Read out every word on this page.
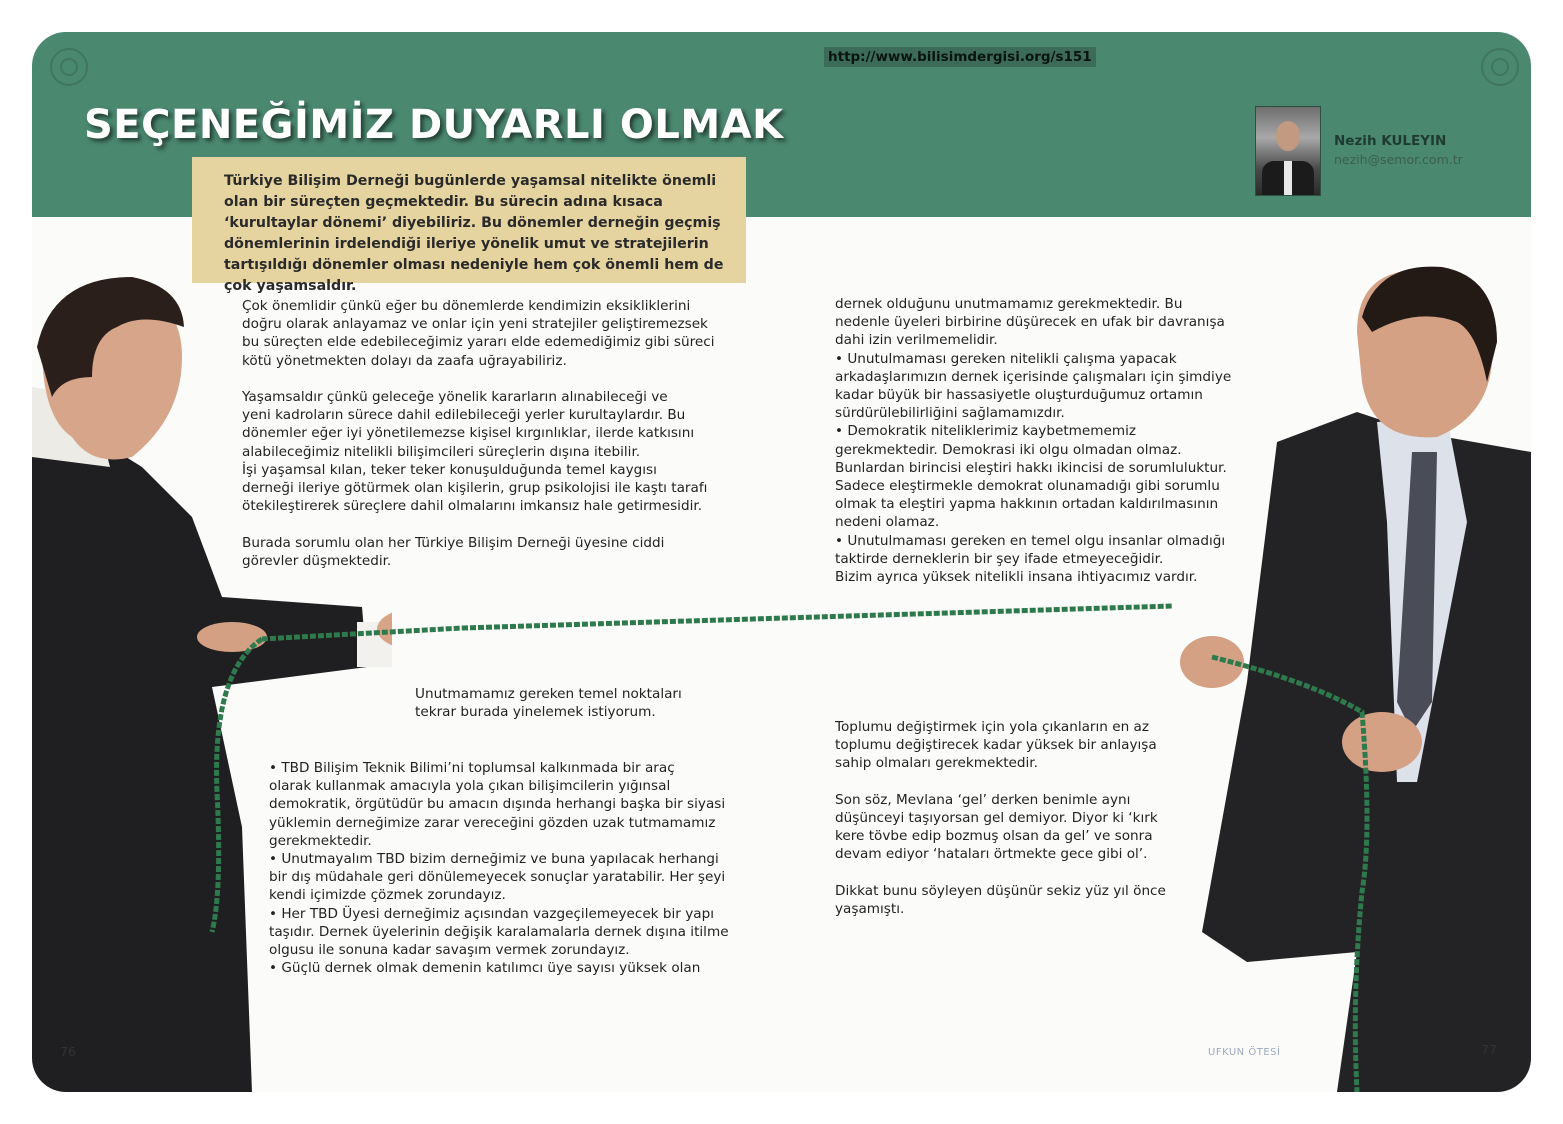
http://www.bilisimdergisi.org/s151
SEÇENEĞİMİZ DUYARLI OLMAK	Nezih KULEYIN
nezih@semor.com.tr

Türkiye Bilişim Derneği bugünlerde yaşamsal nitelikte önemli olan bir süreçten geçmektedir. Bu sürecin adına kısaca ‘kurultaylar dönemi’ diyebiliriz. Bu dönemler derneğin geçmiş dönemlerinin irdelendiği ileriye yönelik umut ve stratejilerin tartışıldığı dönemler olması nedeniyle hem çok önemli hem de çok yaşamsaldır.

Çok önemlidir çünkü eğer bu dönemlerde kendimizin eksikliklerini
doğru olarak anlayamaz ve onlar için yeni stratejiler geliştiremezsek
bu süreçten elde edebileceğimiz yararı elde edemediğimiz gibi süreci
kötü yönetmekten dolayı da zaafa uğrayabiliriz.

Yaşamsaldır çünkü geleceğe yönelik kararların alınabileceği ve
yeni kadroların sürece dahil edilebileceği yerler kurultaylardır. Bu
dönemler eğer iyi yönetilemezse kişisel kırgınlıklar, ilerde katkısını
alabileceğimiz nitelikli bilişimcileri süreçlerin dışına itebilir.
İşi yaşamsal kılan, teker teker konuşulduğunda temel kaygısı
derneği ileriye götürmek olan kişilerin, grup psikolojisi ile kaştı tarafı
ötekileştirerek süreçlere dahil olmalarını imkansız hale getirmesidir.

Burada sorumlu olan her Türkiye Bilişim Derneği üyesine ciddi
görevler düşmektedir.

Unutmamamız gereken temel noktaları
tekrar burada yinelemek istiyorum.

• TBD Bilişim Teknik Bilimi’ni toplumsal kalkınmada bir araç
olarak kullanmak amacıyla yola çıkan bilişimcilerin yığınsal
demokratik, örgütüdür bu amacın dışında herhangi başka bir siyasi
yüklemin derneğimize zarar vereceğini gözden uzak tutmamamız
gerekmektedir.
• Unutmayalım TBD bizim derneğimiz ve buna yapılacak herhangi
bir dış müdahale geri dönülemeyecek sonuçlar yaratabilir. Her şeyi
kendi içimizde çözmek zorundayız.
• Her TBD Üyesi derneğimiz açısından vazgeçilemeyecek bir yapı
taşıdır. Dernek üyelerinin değişik karalamalarla dernek dışına itilme
olgusu ile sonuna kadar savaşım vermek zorundayız.
• Güçlü dernek olmak demenin katılımcı üye sayısı yüksek olan

dernek olduğunu unutmamamız gerekmektedir. Bu
nedenle üyeleri birbirine düşürecek en ufak bir davranışa
dahi izin verilmemelidir.
• Unutulmaması gereken nitelikli çalışma yapacak
arkadaşlarımızın dernek içerisinde çalışmaları için şimdiye
kadar büyük bir hassasiyetle oluşturduğumuz ortamın
sürdürülebilirliğini sağlamamızdır.
• Demokratik niteliklerimiz kaybetmememiz
gerekmektedir. Demokrasi iki olgu olmadan olmaz.
Bunlardan birincisi eleştiri hakkı ikincisi de sorumluluktur.
Sadece eleştirmekle demokrat olunamadığı gibi sorumlu
olmak ta eleştiri yapma hakkının ortadan kaldırılmasının
nedeni olamaz.
• Unutulmaması gereken en temel olgu insanlar olmadığı
taktirde derneklerin bir şey ifade etmeyeceğidir.
Bizim ayrıca yüksek nitelikli insana ihtiyacımız vardır.

Toplumu değiştirmek için yola çıkanların en az
toplumu değiştirecek kadar yüksek bir anlayışa
sahip olmaları gerekmektedir.

Son söz, Mevlana ‘gel’ derken benimle aynı
düşünceyi taşıyorsan gel demiyor. Diyor ki ‘kırk
kere tövbe edip bozmuş olsan da gel’ ve sonra
devam ediyor ‘hataları örtmekte gece gibi ol’.

Dikkat bunu söyleyen düşünür sekiz yüz yıl önce
yaşamıştı.

76	UFKUN ÖTESİ	77
